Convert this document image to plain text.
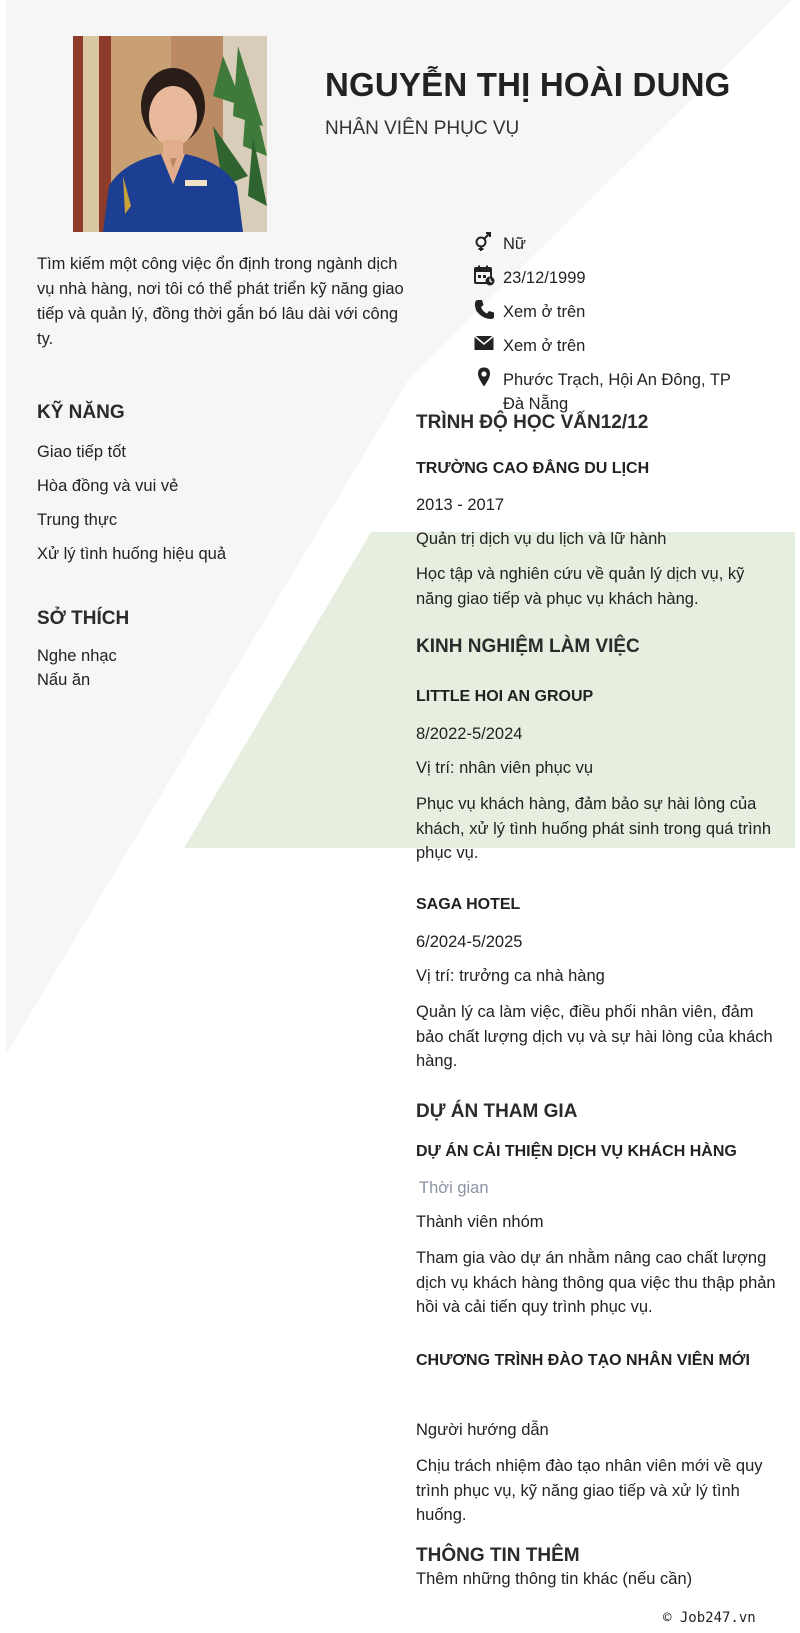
NGUYỄN THỊ HOÀI DUNG
NHÂN VIÊN PHỤC VỤ
Tìm kiếm một công việc ổn định trong ngành dịch vụ nhà hàng, nơi tôi có thể phát triển kỹ năng giao tiếp và quản lý, đồng thời gắn bó lâu dài với công ty.
Nữ
23/12/1999
Xem ở trên
Xem ở trên
Phước Trạch, Hội An Đông, TP Đà Nẵng
KỸ NĂNG
Giao tiếp tốt
Hòa đồng và vui vẻ
Trung thực
Xử lý tình huống hiệu quả
SỞ THÍCH
Nghe nhạc
Nấu ăn
TRÌNH ĐỘ HỌC VẤN12/12
TRƯỜNG CAO ĐẲNG DU LỊCH
2013 - 2017
Quản trị dịch vụ du lịch và lữ hành
Học tập và nghiên cứu về quản lý dịch vụ, kỹ năng giao tiếp và phục vụ khách hàng.
KINH NGHIỆM LÀM VIỆC
LITTLE HOI AN GROUP
8/2022-5/2024
Vị trí: nhân viên phục vụ
Phục vụ khách hàng, đảm bảo sự hài lòng của khách, xử lý tình huống phát sinh trong quá trình phục vụ.
SAGA HOTEL
6/2024-5/2025
Vị trí: trưởng ca nhà hàng
Quản lý ca làm việc, điều phối nhân viên, đảm bảo chất lượng dịch vụ và sự hài lòng của khách hàng.
DỰ ÁN THAM GIA
DỰ ÁN CẢI THIỆN DỊCH VỤ KHÁCH HÀNG
Thời gian
Thành viên nhóm
Tham gia vào dự án nhằm nâng cao chất lượng dịch vụ khách hàng thông qua việc thu thập phản hồi và cải tiến quy trình phục vụ.
CHƯƠNG TRÌNH ĐÀO TẠO NHÂN VIÊN MỚI
Người hướng dẫn
Chịu trách nhiệm đào tạo nhân viên mới về quy trình phục vụ, kỹ năng giao tiếp và xử lý tình huống.
THÔNG TIN THÊM
Thêm những thông tin khác (nếu cần)
© Job247.vn
